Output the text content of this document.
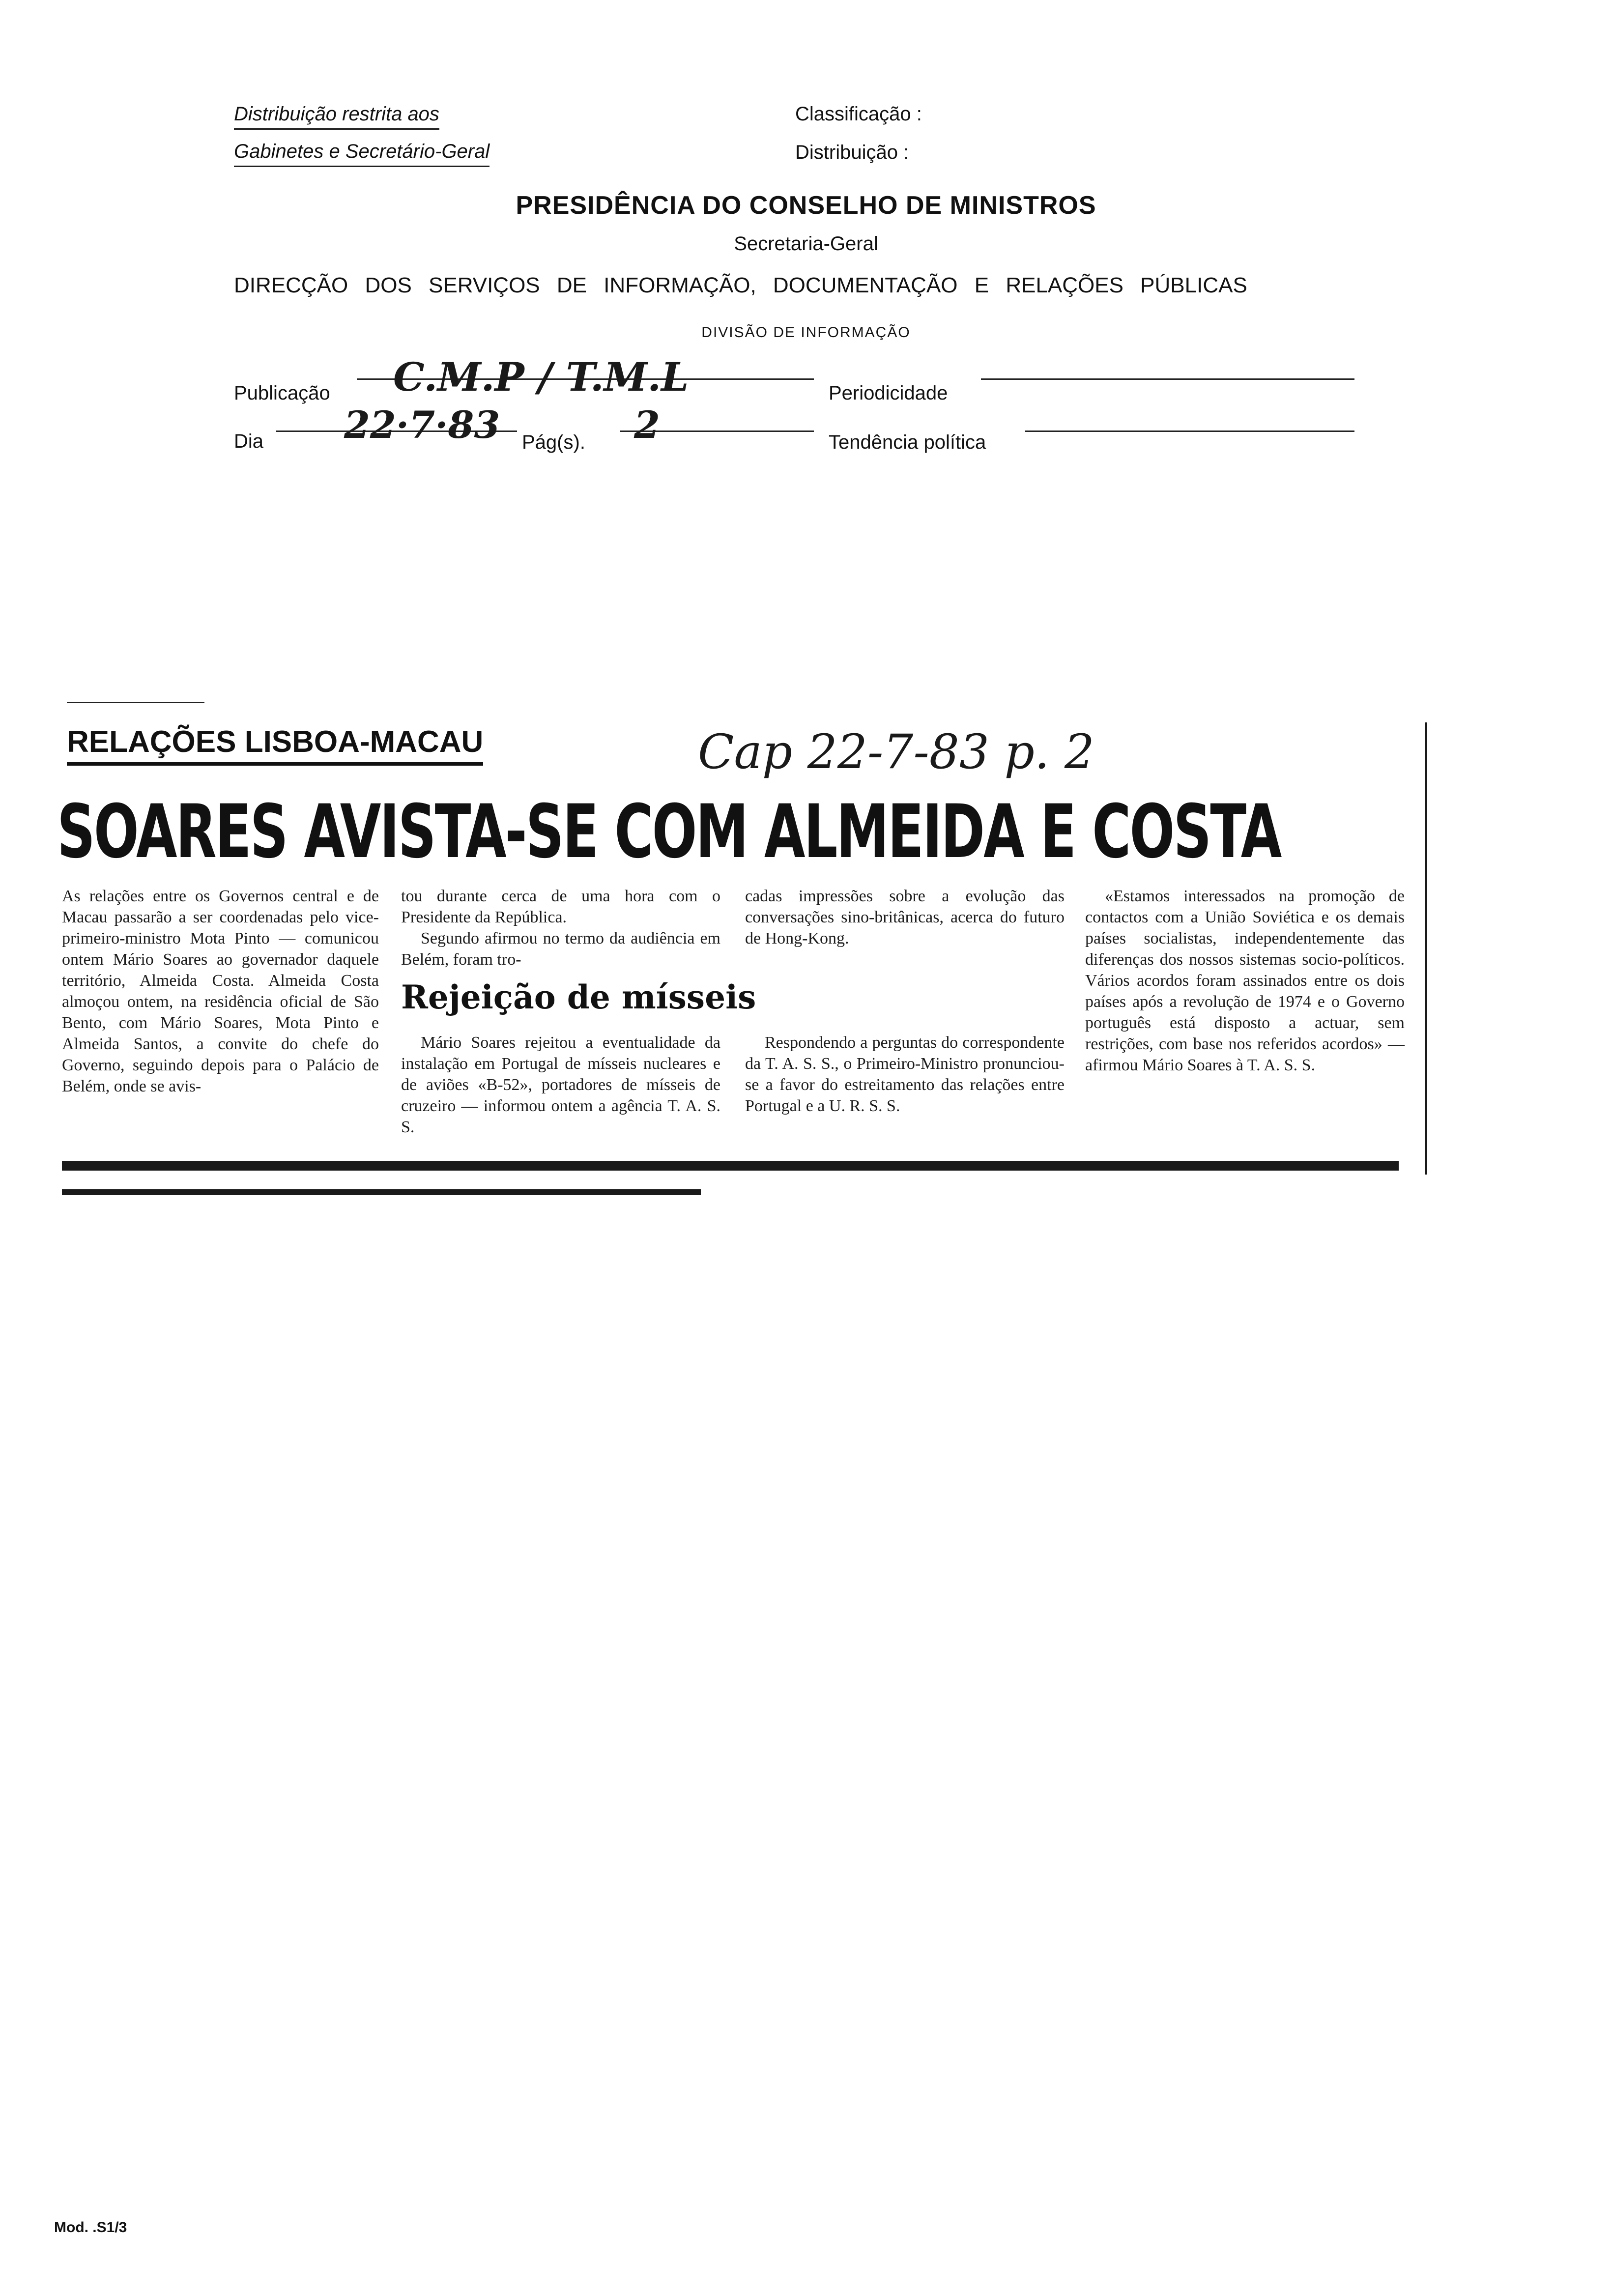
Distribuição restrita aos
Gabinetes e Secretário-Geral
Classificação :
Distribuição :
PRESIDÊNCIA DO CONSELHO DE MINISTROS
Secretaria-Geral
DIRECÇÃO DOS SERVIÇOS DE INFORMAÇÃO, DOCUMENTAÇÃO E RELAÇÕES PÚBLICAS
DIVISÃO DE INFORMAÇÃO
Publicação C.M.P / T.M.L	Periodicidade
Dia 22·7·83 Pág(s). 2	Tendência política
RELAÇÕES LISBOA-MACAU	Cap 22-7-83 p. 2
SOARES AVISTA-SE COM ALMEIDA E COSTA

As relações entre os Governos central e de Macau passarão a ser coordenadas pelo vice-primeiro-ministro Mota Pinto — comunicou ontem Mário Soares ao governador daquele território, Almeida Costa. Almeida Costa almoçou ontem, na residência oficial de São Bento, com Mário Soares, Mota Pinto e Almeida Santos, a convite do chefe do Governo, seguindo depois para o Palácio de Belém, onde se avis-

tou durante cerca de uma hora com o Presidente da República.

Segundo afirmou no termo da audiência em Belém, foram tro-

Rejeição de mísseis

Mário Soares rejeitou a eventualidade da instalação em Portugal de mísseis nucleares e de aviões «B-52», portadores de mísseis de cruzeiro — informou ontem a agência T. A. S. S.

cadas impressões sobre a evolução das conversações sino-britânicas, acerca do futuro de Hong-Kong.

Respondendo a perguntas do correspondente da T. A. S. S., o Primeiro-Ministro pronunciou-se a favor do estreitamento das relações entre Portugal e a U. R. S. S.

«Estamos interessados na promoção de contactos com a União Soviética e os demais países socialistas, independentemente das diferenças dos nossos sistemas socio-políticos. Vários acordos foram assinados entre os dois países após a revolução de 1974 e o Governo português está disposto a actuar, sem restrições, com base nos referidos acordos» — afirmou Mário Soares à T. A. S. S.

Mod. .S1/3
